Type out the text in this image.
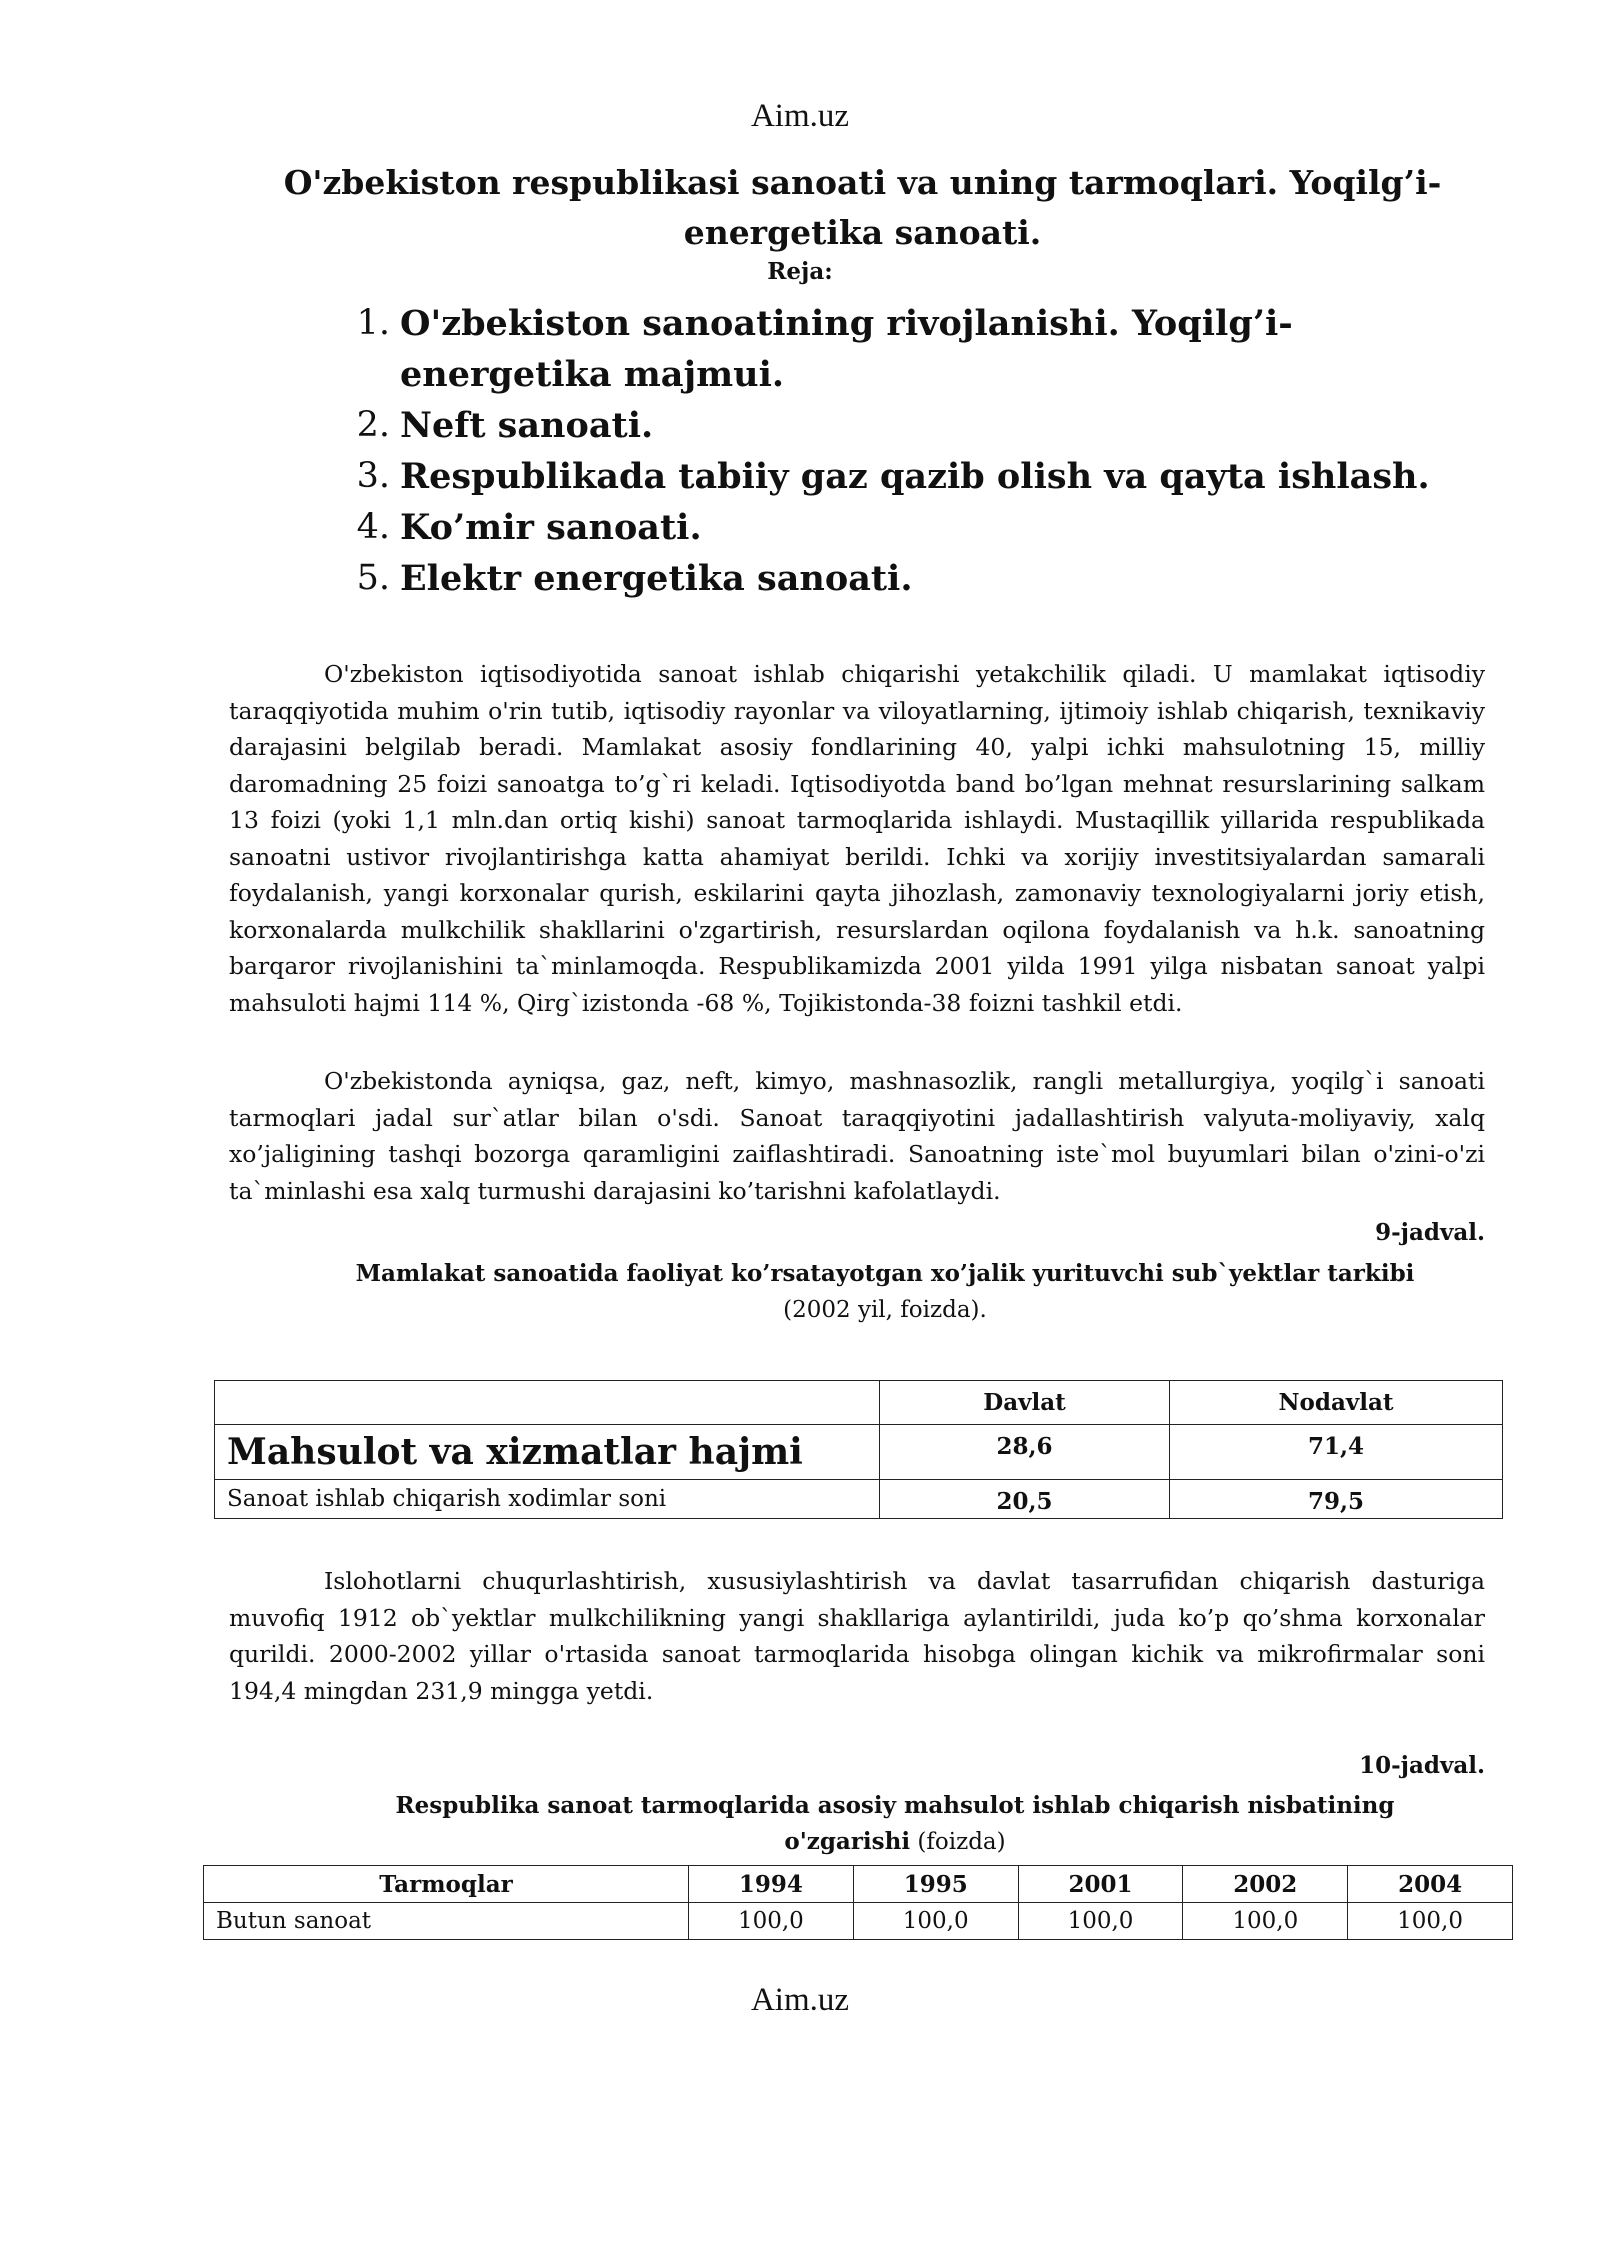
Aim.uz
O'zbekiston respublikasi sanoati va uning tarmoqlari. Yoqilg’i-energetika sanoati.
Reja:
1. O'zbekiston sanoatining rivojlanishi. Yoqilg’i-energetika majmui.
2. Neft sanoati.
3. Respublikada tabiiy gaz qazib olish va qayta ishlash.
4. Ko’mir sanoati.
5. Elektr energetika sanoati.

O'zbekiston iqtisodiyotida sanoat ishlab chiqarishi yetakchilik qiladi. U mamlakat iqtisodiy taraqqiyotida muhim o'rin tutib, iqtisodiy rayonlar va viloyatlarning, ijtimoiy ishlab chiqarish, texnikaviy darajasini belgilab beradi. Mamlakat asosiy fondlarining 40, yalpi ichki mahsulotning 15, milliy daromadning 25 foizi sanoatga to’g`ri keladi. Iqtisodiyotda band bo’lgan mehnat resurslarining salkam 13 foizi (yoki 1,1 mln.dan ortiq kishi) sanoat tarmoqlarida ishlaydi. Mustaqillik yillarida respublikada sanoatni ustivor rivojlantirishga katta ahamiyat berildi. Ichki va xorijiy investitsiyalardan samarali foydalanish, yangi korxonalar qurish, eskilarini qayta jihozlash, zamonaviy texnologiyalarni joriy etish, korxonalarda mulkchilik shakllarini o'zgartirish, resurslardan oqilona foydalanish va h.k. sanoatning barqaror rivojlanishini ta`minlamoqda. Respublikamizda 2001 yilda 1991 yilga nisbatan sanoat yalpi mahsuloti hajmi 114 %, Qirg`izistonda -68 %, Tojikistonda-38 foizni tashkil etdi.

O'zbekistonda ayniqsa, gaz, neft, kimyo, mashnasozlik, rangli metallurgiya, yoqilg`i sanoati tarmoqlari jadal sur`atlar bilan o'sdi. Sanoat taraqqiyotini jadallashtirish valyuta-moliyaviy, xalq xo’jaligining tashqi bozorga qaramligini zaiflashtiradi. Sanoatning iste`mol buyumlari bilan o'zini-o'zi ta`minlashi esa xalq turmushi darajasini ko’tarishni kafolatlaydi.

9-jadval.
Mamlakat sanoatida faoliyat ko’rsatayotgan xo’jalik yurituvchi sub`yektlar tarkibi
(2002 yil, foizda).
	Davlat	Nodavlat
Mahsulot va xizmatlar hajmi	28,6	71,4
Sanoat ishlab chiqarish xodimlar soni	20,5	79,5

Islohotlarni chuqurlashtirish, xususiylashtirish va davlat tasarrufidan chiqarish dasturiga muvofiq 1912 ob`yektlar mulkchilikning yangi shakllariga aylantirildi, juda ko’p qo’shma korxonalar qurildi. 2000-2002 yillar o'rtasida sanoat tarmoqlarida hisobga olingan kichik va mikrofirmalar soni 194,4 mingdan 231,9 mingga yetdi.

10-jadval.
Respublika sanoat tarmoqlarida asosiy mahsulot ishlab chiqarish nisbatining
o'zgarishi (foizda)
Tarmoqlar	1994	1995	2001	2002	2004
Butun sanoat	100,0	100,0	100,0	100,0	100,0
Aim.uz
